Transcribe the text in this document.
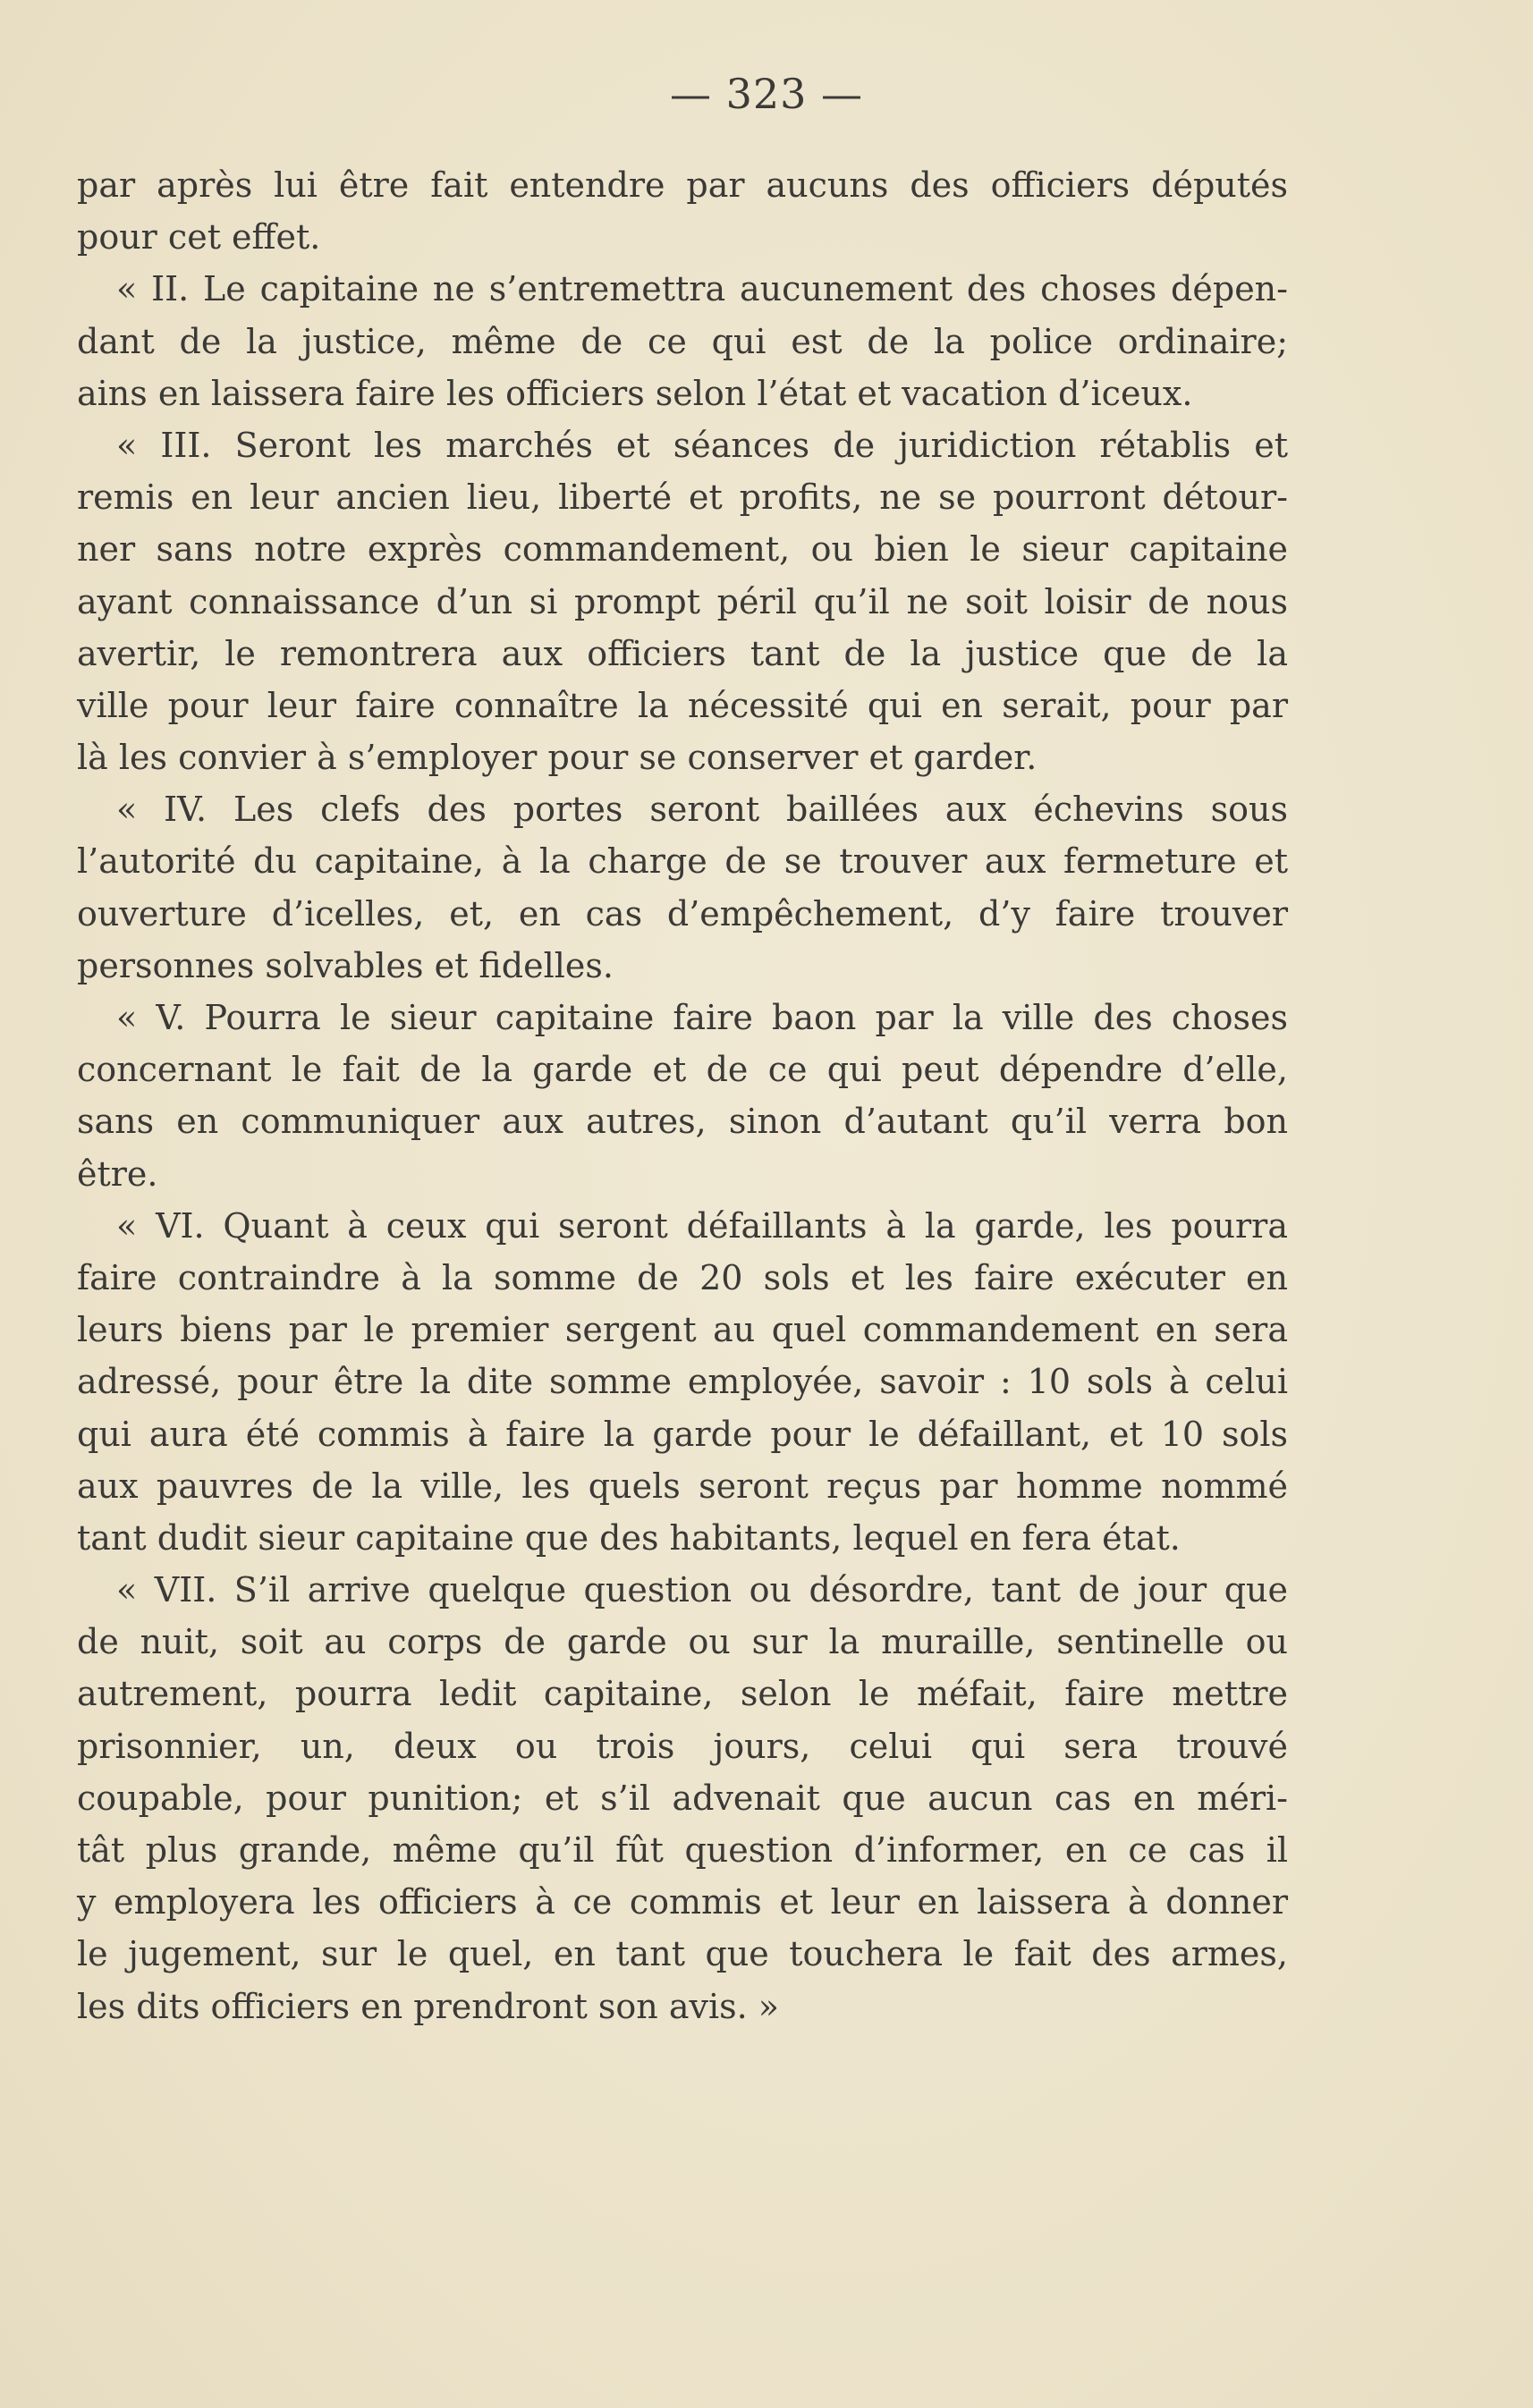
— 323 —
par après lui être fait entendre par aucuns des officiers députés
pour cet effet.
« II. Le capitaine ne s’entremettra aucunement des choses dépen-
dant de la justice, même de ce qui est de la police ordinaire;
ains en laissera faire les officiers selon l’état et vacation d’iceux.
« III. Seront les marchés et séances de juridiction rétablis et
remis en leur ancien lieu, liberté et profits, ne se pourront détour-
ner sans notre exprès commandement, ou bien le sieur capitaine
ayant connaissance d’un si prompt péril qu’il ne soit loisir de nous
avertir, le remontrera aux officiers tant de la justice que de la
ville pour leur faire connaître la nécessité qui en serait, pour par
là les convier à s’employer pour se conserver et garder.
« IV. Les clefs des portes seront baillées aux échevins sous
l’autorité du capitaine, à la charge de se trouver aux fermeture et
ouverture d’icelles, et, en cas d’empêchement, d’y faire trouver
personnes solvables et fidelles.
« V. Pourra le sieur capitaine faire baon par la ville des choses
concernant le fait de la garde et de ce qui peut dépendre d’elle,
sans en communiquer aux autres, sinon d’autant qu’il verra bon
être.
« VI. Quant à ceux qui seront défaillants à la garde, les pourra
faire contraindre à la somme de 20 sols et les faire exécuter en
leurs biens par le premier sergent au quel commandement en sera
adressé, pour être la dite somme employée, savoir : 10 sols à celui
qui aura été commis à faire la garde pour le défaillant, et 10 sols
aux pauvres de la ville, les quels seront reçus par homme nommé
tant dudit sieur capitaine que des habitants, lequel en fera état.
« VII. S’il arrive quelque question ou désordre, tant de jour que
de nuit, soit au corps de garde ou sur la muraille, sentinelle ou
autrement, pourra ledit capitaine, selon le méfait, faire mettre
prisonnier, un, deux ou trois jours, celui qui sera trouvé
coupable, pour punition; et s’il advenait que aucun cas en méri-
tât plus grande, même qu’il fût question d’informer, en ce cas il
y employera les officiers à ce commis et leur en laissera à donner
le jugement, sur le quel, en tant que touchera le fait des armes,
les dits officiers en prendront son avis. »
